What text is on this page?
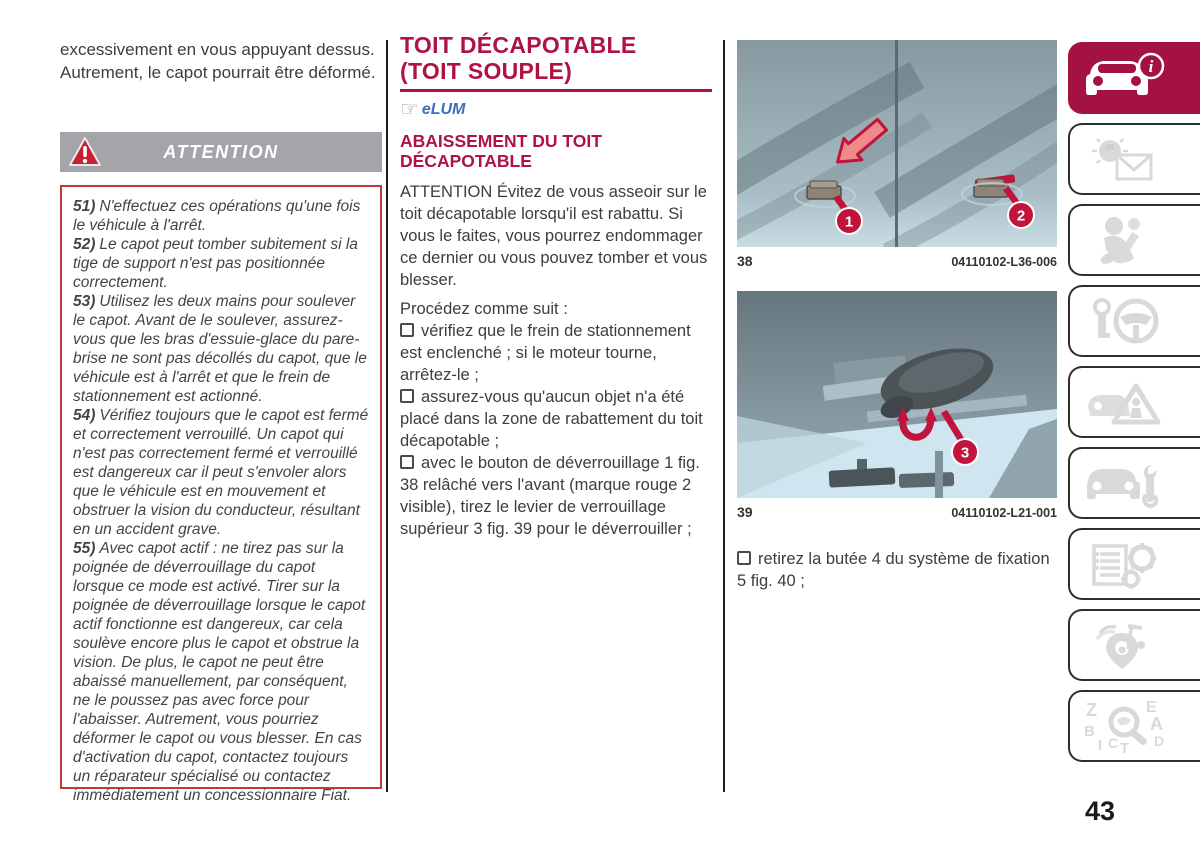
excessivement en vous appuyant dessus. Autrement, le capot pourrait être déformé.

ATTENTION

51) N'effectuez ces opérations qu'une fois le véhicule à l'arrêt.

52) Le capot peut tomber subitement si la tige de support n'est pas positionnée correctement.

53) Utilisez les deux mains pour soulever le capot. Avant de le soulever, assurez-vous que les bras d'essuie-glace du pare-brise ne sont pas décollés du capot, que le véhicule est à l'arrêt et que le frein de stationnement est actionné.

54) Vérifiez toujours que le capot est fermé et correctement verrouillé. Un capot qui n'est pas correctement fermé et verrouillé est dangereux car il peut s'envoler alors que le véhicule est en mouvement et obstruer la vision du conducteur, résultant en un accident grave.

55) Avec capot actif : ne tirez pas sur la poignée de déverrouillage du capot lorsque ce mode est activé. Tirer sur la poignée de déverrouillage lorsque le capot actif fonctionne est dangereux, car cela soulève encore plus le capot et obstrue la vision. De plus, le capot ne peut être abaissé manuellement, par conséquent, ne le poussez pas avec force pour l'abaisser. Autrement, vous pourriez déformer le capot ou vous blesser. En cas d'activation du capot, contactez toujours un réparateur spécialisé ou contactez immédiatement un concessionnaire Fiat.

TOIT DÉCAPOTABLE
(TOIT SOUPLE)
☞ eLUM
ABAISSEMENT DU TOIT DÉCAPOTABLE

ATTENTION Évitez de vous asseoir sur le toit décapotable lorsqu'il est rabattu. Si vous le faites, vous pourrez endommager ce dernier ou vous pouvez tomber et vous blesser.

Procédez comme suit :

vérifiez que le frein de stationnement est enclenché ; si le moteur tourne, arrêtez-le ;

assurez-vous qu'aucun objet n'a été placé dans la zone de rabattement du toit décapotable ;

avec le bouton de déverrouillage 1 fig. 38 relâché vers l'avant (marque rouge 2 visible), tirez le levier de verrouillage supérieur 3 fig. 39 pour le déverrouiller ;

1	2
38	04110102-L36-006
3
39	04110102-L21-001

retirez la butée 4 du système de fixation 5 fig. 40 ;

i
Z	E
B	A
I C T D
43
